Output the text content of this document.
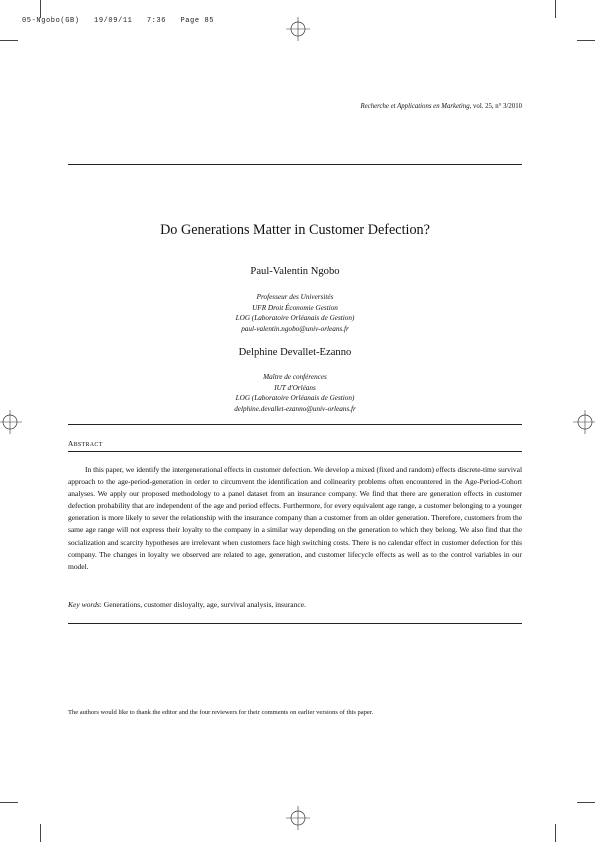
05-Ngobo(GB) 19/09/11 7:36 Page 85
Recherche et Applications en Marketing, vol. 25, n° 3/2010
Do Generations Matter in Customer Defection?
Paul-Valentin Ngobo
Professeur des Universités
UFR Droit Économie Gestion
LOG (Laboratoire Orléanais de Gestion)
paul-valentin.ngobo@univ-orleans.fr
Delphine Devallet-Ezanno
Maître de conférences
IUT d'Orléans
LOG (Laboratoire Orléanais de Gestion)
delphine.devallet-ezanno@univ-orleans.fr
ABSTRACT

In this paper, we identify the intergenerational effects in customer defection. We develop a mixed (fixed and random) effects discrete-time survival approach to the age-period-generation in order to circumvent the identification and colinearity problems often encountered in the Age-Period-Cohort analyses. We apply our proposed methodology to a panel dataset from an insurance company. We find that there are generation effects in customer defection probability that are independent of the age and period effects. Furthermore, for every equivalent age range, a customer belonging to a younger generation is more likely to sever the relationship with the insurance company than a customer from an older generation. Therefore, customers from the same age range will not express their loyalty to the company in a similar way depending on the generation to which they belong. We also find that the socialization and scarcity hypotheses are irrelevant when customers face high switching costs. There is no calendar effect in customer defection for this company. The changes in loyalty we observed are related to age, generation, and customer lifecycle effects as well as to the control variables in our model.

Key words: Generations, customer disloyalty, age, survival analysis, insurance.

The authors would like to thank the editor and the four reviewers for their comments on earlier versions of this paper.
